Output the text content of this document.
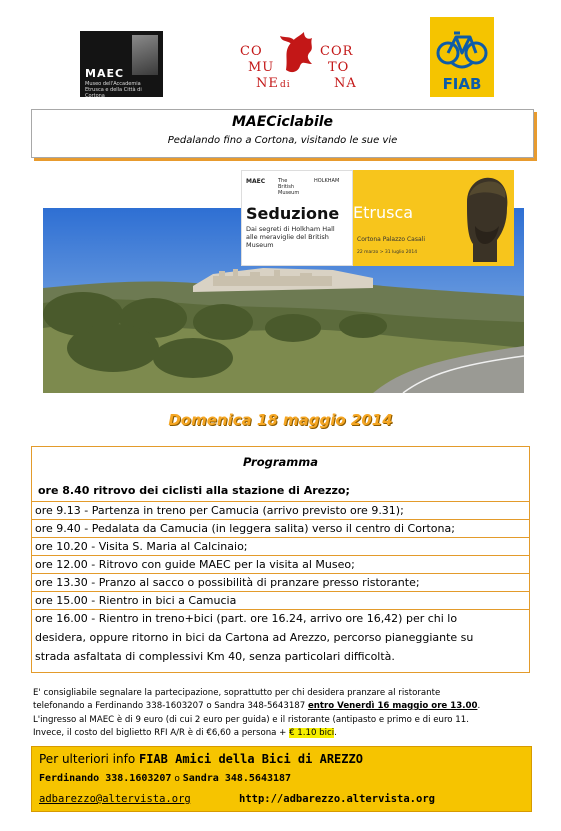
MAEC
Museo dell'Accademia Etrusca e della Città di Cortona
CO
MU
NE di
COR
TO
NA	FIAB
MAECiclabile
Pedalando fino a Cortona, visitando le sue vie
MAEC	The British Museum
HOLKHAM
Seduzione
Dai segreti di Holkham Hall alle meraviglie del British Museum
Etrusca
Cortona Palazzo Casali
22 marzo > 31 luglio 2014
Domenica 18 maggio 2014
Programma
ore 8.40 ritrovo dei ciclisti alla stazione di Arezzo;
ore 9.13 - Partenza in treno per Camucia (arrivo previsto ore 9.31);
ore 9.40 - Pedalata da Camucia (in leggera salita) verso il centro di Cortona;
ore 10.20 - Visita S. Maria al Calcinaio;
ore 12.00 - Ritrovo con guide MAEC per la visita al Museo;
ore 13.30 - Pranzo al sacco o possibilità di pranzare presso ristorante;
ore 15.00 - Rientro in bici a Camucia
ore 16.00 - Rientro in treno+bici (part. ore 16.24, arrivo ore 16,42) per chi lo
desidera, oppure ritorno in bici da Cartona ad Arezzo, percorso pianeggiante su
strada asfaltata di complessivi Km 40, senza particolari difficoltà.
E' consigliabile segnalare la partecipazione, soprattutto per chi desidera pranzare al ristorante
telefonando a Ferdinando 338-1603207 o Sandra 348-5643187 entro Venerdì 16 maggio ore 13.00.
L'ingresso al MAEC è di 9 euro (di cui 2 euro per guida) e il ristorante (antipasto e primo e di euro 11.
Invece, il costo del biglietto RFI A/R è di €6,60 a persona + € 1.10 bici.
Per ulteriori info FIAB Amici della Bici di AREZZO
Ferdinando 338.1603207 o Sandra 348.5643187
adbarezzo@altervista.org	http://adbarezzo.altervista.org
